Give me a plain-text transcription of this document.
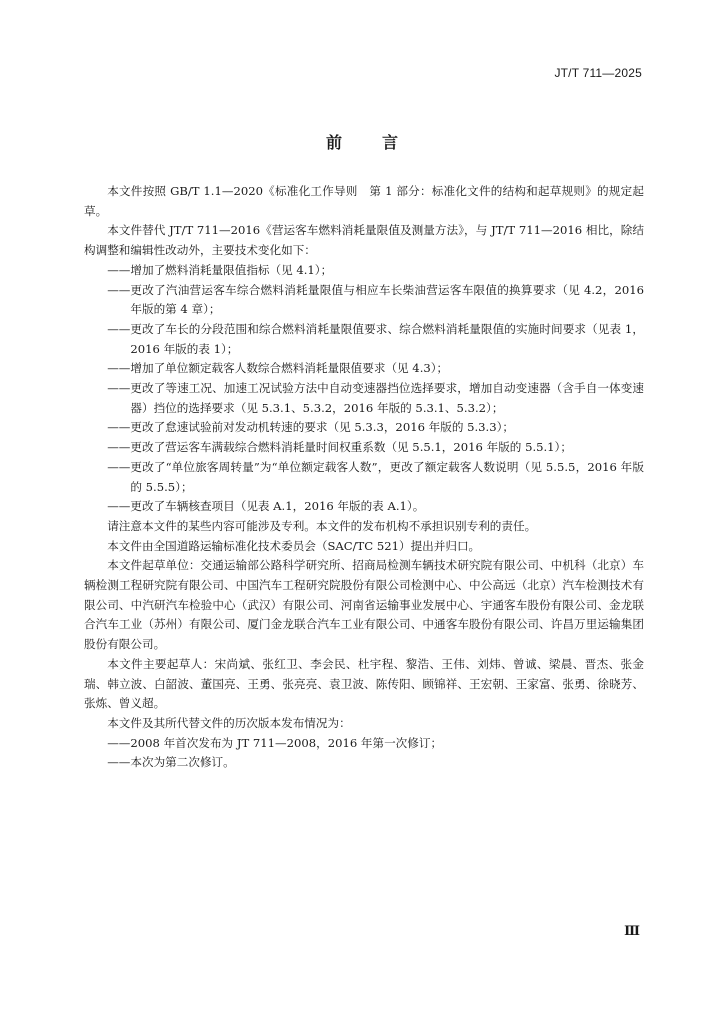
JT/T 711—2025
前言

本文件按照 GB/T 1.1—2020《标准化工作导则　第 1 部分：标准化文件的结构和起草规则》的规定起草。

本文件替代 JT/T 711—2016《营运客车燃料消耗量限值及测量方法》，与 JT/T 711—2016 相比，除结构调整和编辑性改动外，主要技术变化如下：

—— 增加了燃料消耗量限值指标（见 4.1）；
—— 更改了汽油营运客车综合燃料消耗量限值与相应车长柴油营运客车限值的换算要求（见 4.2，2016 年版的第 4 章）；
—— 更改了车长的分段范围和综合燃料消耗量限值要求、综合燃料消耗量限值的实施时间要求（见表 1，2016 年版的表 1）；
—— 增加了单位额定载客人数综合燃料消耗量限值要求（见 4.3）；
—— 更改了等速工况、加速工况试验方法中自动变速器挡位选择要求，增加自动变速器（含手自一体变速器）挡位的选择要求（见 5.3.1、5.3.2，2016 年版的 5.3.1、5.3.2）；
—— 更改了怠速试验前对发动机转速的要求（见 5.3.3，2016 年版的 5.3.3）；
—— 更改了营运客车满载综合燃料消耗量时间权重系数（见 5.5.1，2016 年版的 5.5.1）；
—— 更改了“单位旅客周转量”为“单位额定载客人数”，更改了额定载客人数说明（见 5.5.5，2016 年版的 5.5.5）；
—— 更改了车辆核查项目（见表 A.1，2016 年版的表 A.1）。

请注意本文件的某些内容可能涉及专利。本文件的发布机构不承担识别专利的责任。

本文件由全国道路运输标准化技术委员会（SAC/TC 521）提出并归口。

本文件起草单位：交通运输部公路科学研究所、招商局检测车辆技术研究院有限公司、中机科（北京）车辆检测工程研究院有限公司、中国汽车工程研究院股份有限公司检测中心、中公高远（北京）汽车检测技术有限公司、中汽研汽车检验中心（武汉）有限公司、河南省运输事业发展中心、宇通客车股份有限公司、金龙联合汽车工业（苏州）有限公司、厦门金龙联合汽车工业有限公司、中通客车股份有限公司、许昌万里运输集团股份有限公司。

本文件主要起草人：宋尚斌、张红卫、李会民、杜宇程、黎浩、王伟、刘炜、曾诚、梁晨、晋杰、张金瑞、韩立波、白韶波、董国亮、王勇、张亮亮、袁卫波、陈传阳、顾锦祥、王宏朝、王家富、张勇、徐晓芳、张炼、曾义超。

本文件及其所代替文件的历次版本发布情况为：

—— 2008 年首次发布为 JT 711—2008，2016 年第一次修订；
—— 本次为第二次修订。
Ⅲ
